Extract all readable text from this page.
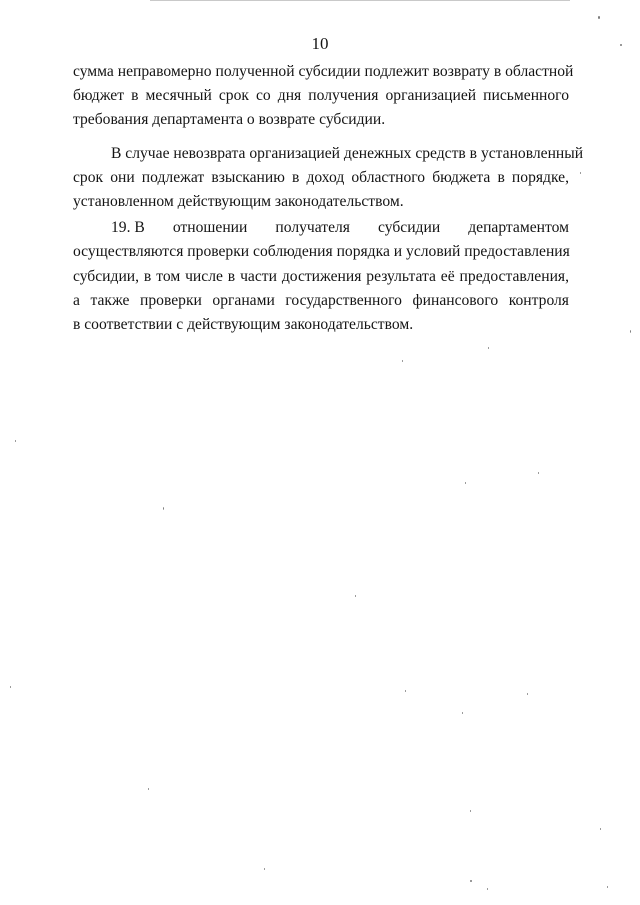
10
сумма неправомерно полученной субсидии подлежит возврату в областной
бюджет в месячный срок со дня получения организацией письменного
требования департамента о возврате субсидии.
В случае невозврата организацией денежных средств в установленный
срок они подлежат взысканию в доход областного бюджета в порядке,
установленном действующим законодательством.
19. В отношении получателя субсидии департаментом
осуществляются проверки соблюдения порядка и условий предоставления
субсидии, в том числе в части достижения результата её предоставления,
а также проверки органами государственного финансового контроля
в соответствии с действующим законодательством.
